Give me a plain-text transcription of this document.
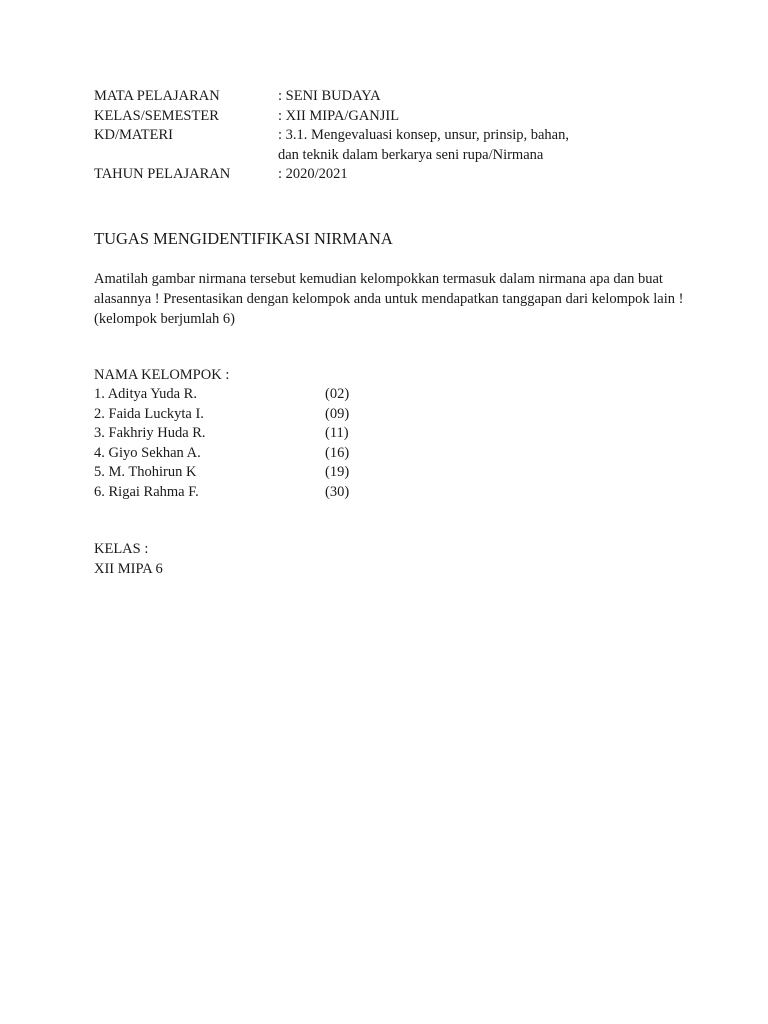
MATA PELAJARAN	: SENI BUDAYA
KELAS/SEMESTER	: XII MIPA/GANJIL
KD/MATERI	: 3.1. Mengevaluasi konsep, unsur, prinsip, bahan,
dan teknik dalam berkarya seni rupa/Nirmana
TAHUN PELAJARAN	: 2020/2021
TUGAS MENGIDENTIFIKASI NIRMANA
Amatilah gambar nirmana tersebut kemudian kelompokkan termasuk dalam nirmana apa dan buat alasannya ! Presentasikan dengan kelompok anda untuk mendapatkan tanggapan dari kelompok lain ! (kelompok berjumlah 6)
NAMA KELOMPOK :
1. Aditya Yuda R.	(02)
2. Faida Luckyta I.	(09)
3. Fakhriy Huda R.	(11)
4. Giyo Sekhan A.	(16)
5. M. Thohirun K	(19)
6. Rigai Rahma F.	(30)
KELAS :
XII MIPA 6
